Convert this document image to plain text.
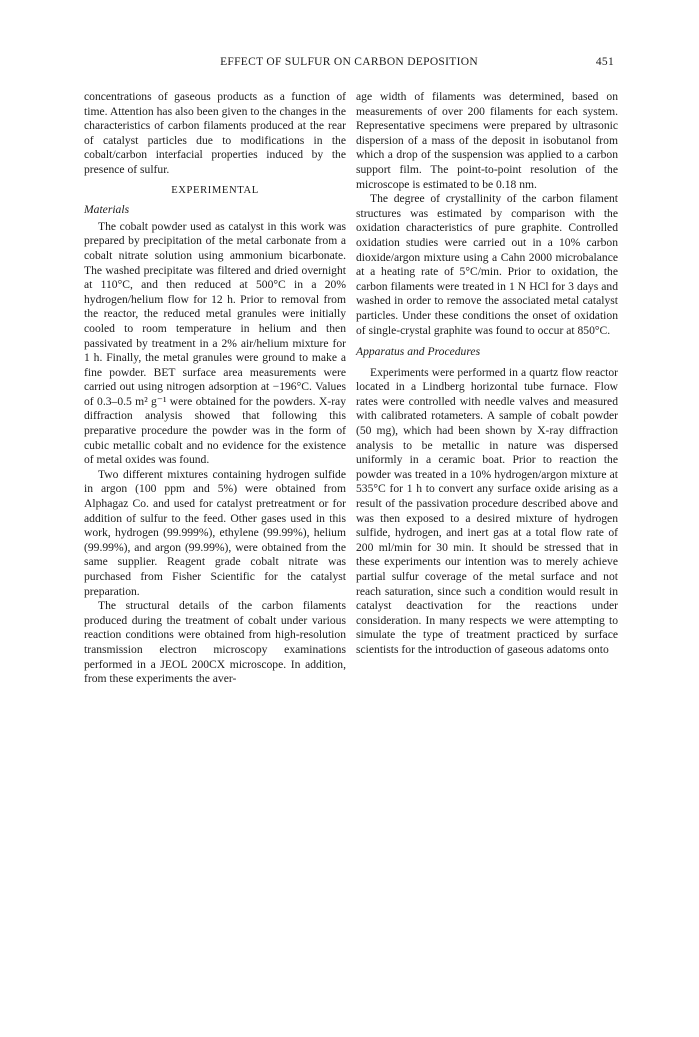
EFFECT OF SULFUR ON CARBON DEPOSITION	451

concentrations of gaseous products as a function of time. Attention has also been given to the changes in the characteristics of carbon filaments produced at the rear of catalyst particles due to modifications in the cobalt/carbon interfacial properties induced by the presence of sulfur.

EXPERIMENTAL
Materials

The cobalt powder used as catalyst in this work was prepared by precipitation of the metal carbonate from a cobalt nitrate solution using ammonium bicarbonate. The washed precipitate was filtered and dried overnight at 110°C, and then reduced at 500°C in a 20% hydrogen/helium flow for 12 h. Prior to removal from the reactor, the reduced metal granules were initially cooled to room temperature in helium and then passivated by treatment in a 2% air/helium mixture for 1 h. Finally, the metal granules were ground to make a fine powder. BET surface area measurements were carried out using nitrogen adsorption at −196°C. Values of 0.3–0.5 m² g⁻¹ were obtained for the powders. X-ray diffraction analysis showed that following this preparative procedure the powder was in the form of cubic metallic cobalt and no evidence for the existence of metal oxides was found.

Two different mixtures containing hydrogen sulfide in argon (100 ppm and 5%) were obtained from Alphagaz Co. and used for catalyst pretreatment or for addition of sulfur to the feed. Other gases used in this work, hydrogen (99.999%), ethylene (99.99%), helium (99.99%), and argon (99.99%), were obtained from the same supplier. Reagent grade cobalt nitrate was purchased from Fisher Scientific for the catalyst preparation.

The structural details of the carbon filaments produced during the treatment of cobalt under various reaction conditions were obtained from high-resolution transmission electron microscopy examinations performed in a JEOL 200CX microscope. In addition, from these experiments the aver-

age width of filaments was determined, based on measurements of over 200 filaments for each system. Representative specimens were prepared by ultrasonic dispersion of a mass of the deposit in isobutanol from which a drop of the suspension was applied to a carbon support film. The point-to-point resolution of the microscope is estimated to be 0.18 nm.

The degree of crystallinity of the carbon filament structures was estimated by comparison with the oxidation characteristics of pure graphite. Controlled oxidation studies were carried out in a 10% carbon dioxide/argon mixture using a Cahn 2000 microbalance at a heating rate of 5°C/min. Prior to oxidation, the carbon filaments were treated in 1 N HCl for 3 days and washed in order to remove the associated metal catalyst particles. Under these conditions the onset of oxidation of single-crystal graphite was found to occur at 850°C.

Apparatus and Procedures

Experiments were performed in a quartz flow reactor located in a Lindberg horizontal tube furnace. Flow rates were controlled with needle valves and measured with calibrated rotameters. A sample of cobalt powder (50 mg), which had been shown by X-ray diffraction analysis to be metallic in nature was dispersed uniformly in a ceramic boat. Prior to reaction the powder was treated in a 10% hydrogen/argon mixture at 535°C for 1 h to convert any surface oxide arising as a result of the passivation procedure described above and was then exposed to a desired mixture of hydrogen sulfide, hydrogen, and inert gas at a total flow rate of 200 ml/min for 30 min. It should be stressed that in these experiments our intention was to merely achieve partial sulfur coverage of the metal surface and not reach saturation, since such a condition would result in catalyst deactivation for the reactions under consideration. In many respects we were attempting to simulate the type of treatment practiced by surface scientists for the introduction of gaseous adatoms onto
